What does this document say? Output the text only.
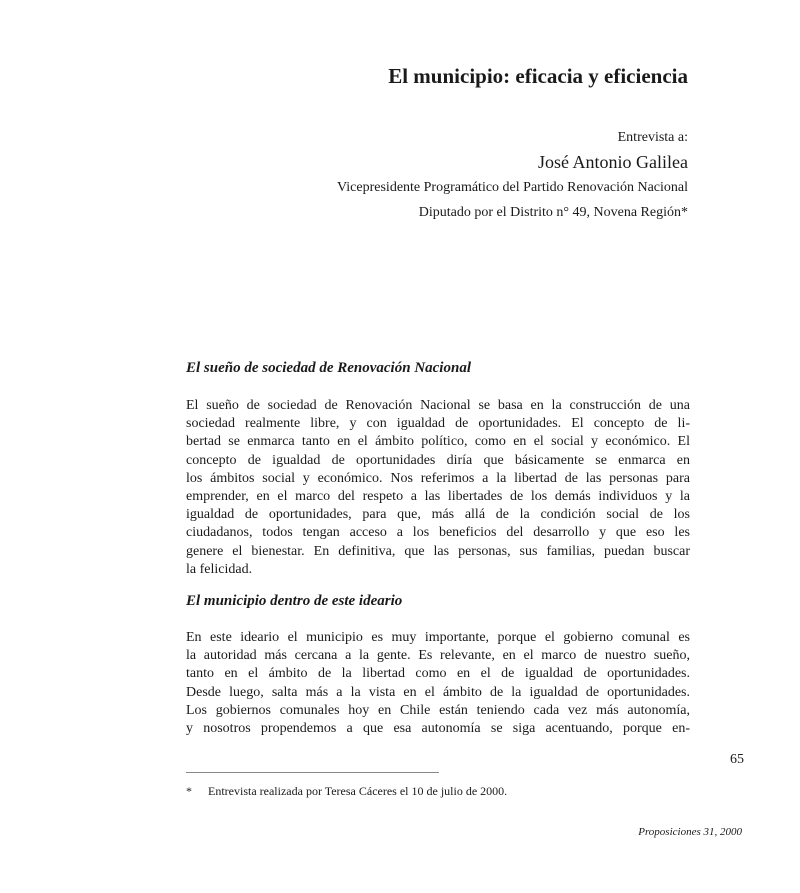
El municipio: eficacia y eficiencia
Entrevista a:
José Antonio Galilea
Vicepresidente Programático del Partido Renovación Nacional
Diputado por el Distrito n° 49, Novena Región*
El sueño de sociedad de Renovación Nacional

El sueño de sociedad de Renovación Nacional se basa en la construcción de una
sociedad realmente libre, y con igualdad de oportunidades. El concepto de li-
bertad se enmarca tanto en el ámbito político, como en el social y económico. El
concepto de igualdad de oportunidades diría que básicamente se enmarca en
los ámbitos social y económico. Nos referimos a la libertad de las personas para
emprender, en el marco del respeto a las libertades de los demás individuos y la
igualdad de oportunidades, para que, más allá de la condición social de los
ciudadanos, todos tengan acceso a los beneficios del desarrollo y que eso les
genere el bienestar. En definitiva, que las personas, sus familias, puedan buscar
la felicidad.

El municipio dentro de este ideario

En este ideario el municipio es muy importante, porque el gobierno comunal es
la autoridad más cercana a la gente. Es relevante, en el marco de nuestro sueño,
tanto en el ámbito de la libertad como en el de igualdad de oportunidades.
Desde luego, salta más a la vista en el ámbito de la igualdad de oportunidades.
Los gobiernos comunales hoy en Chile están teniendo cada vez más autonomía,
y nosotros propendemos a que esa autonomía se siga acentuando, porque en-

65
* Entrevista realizada por Teresa Cáceres el 10 de julio de 2000.
Proposiciones 31, 2000
